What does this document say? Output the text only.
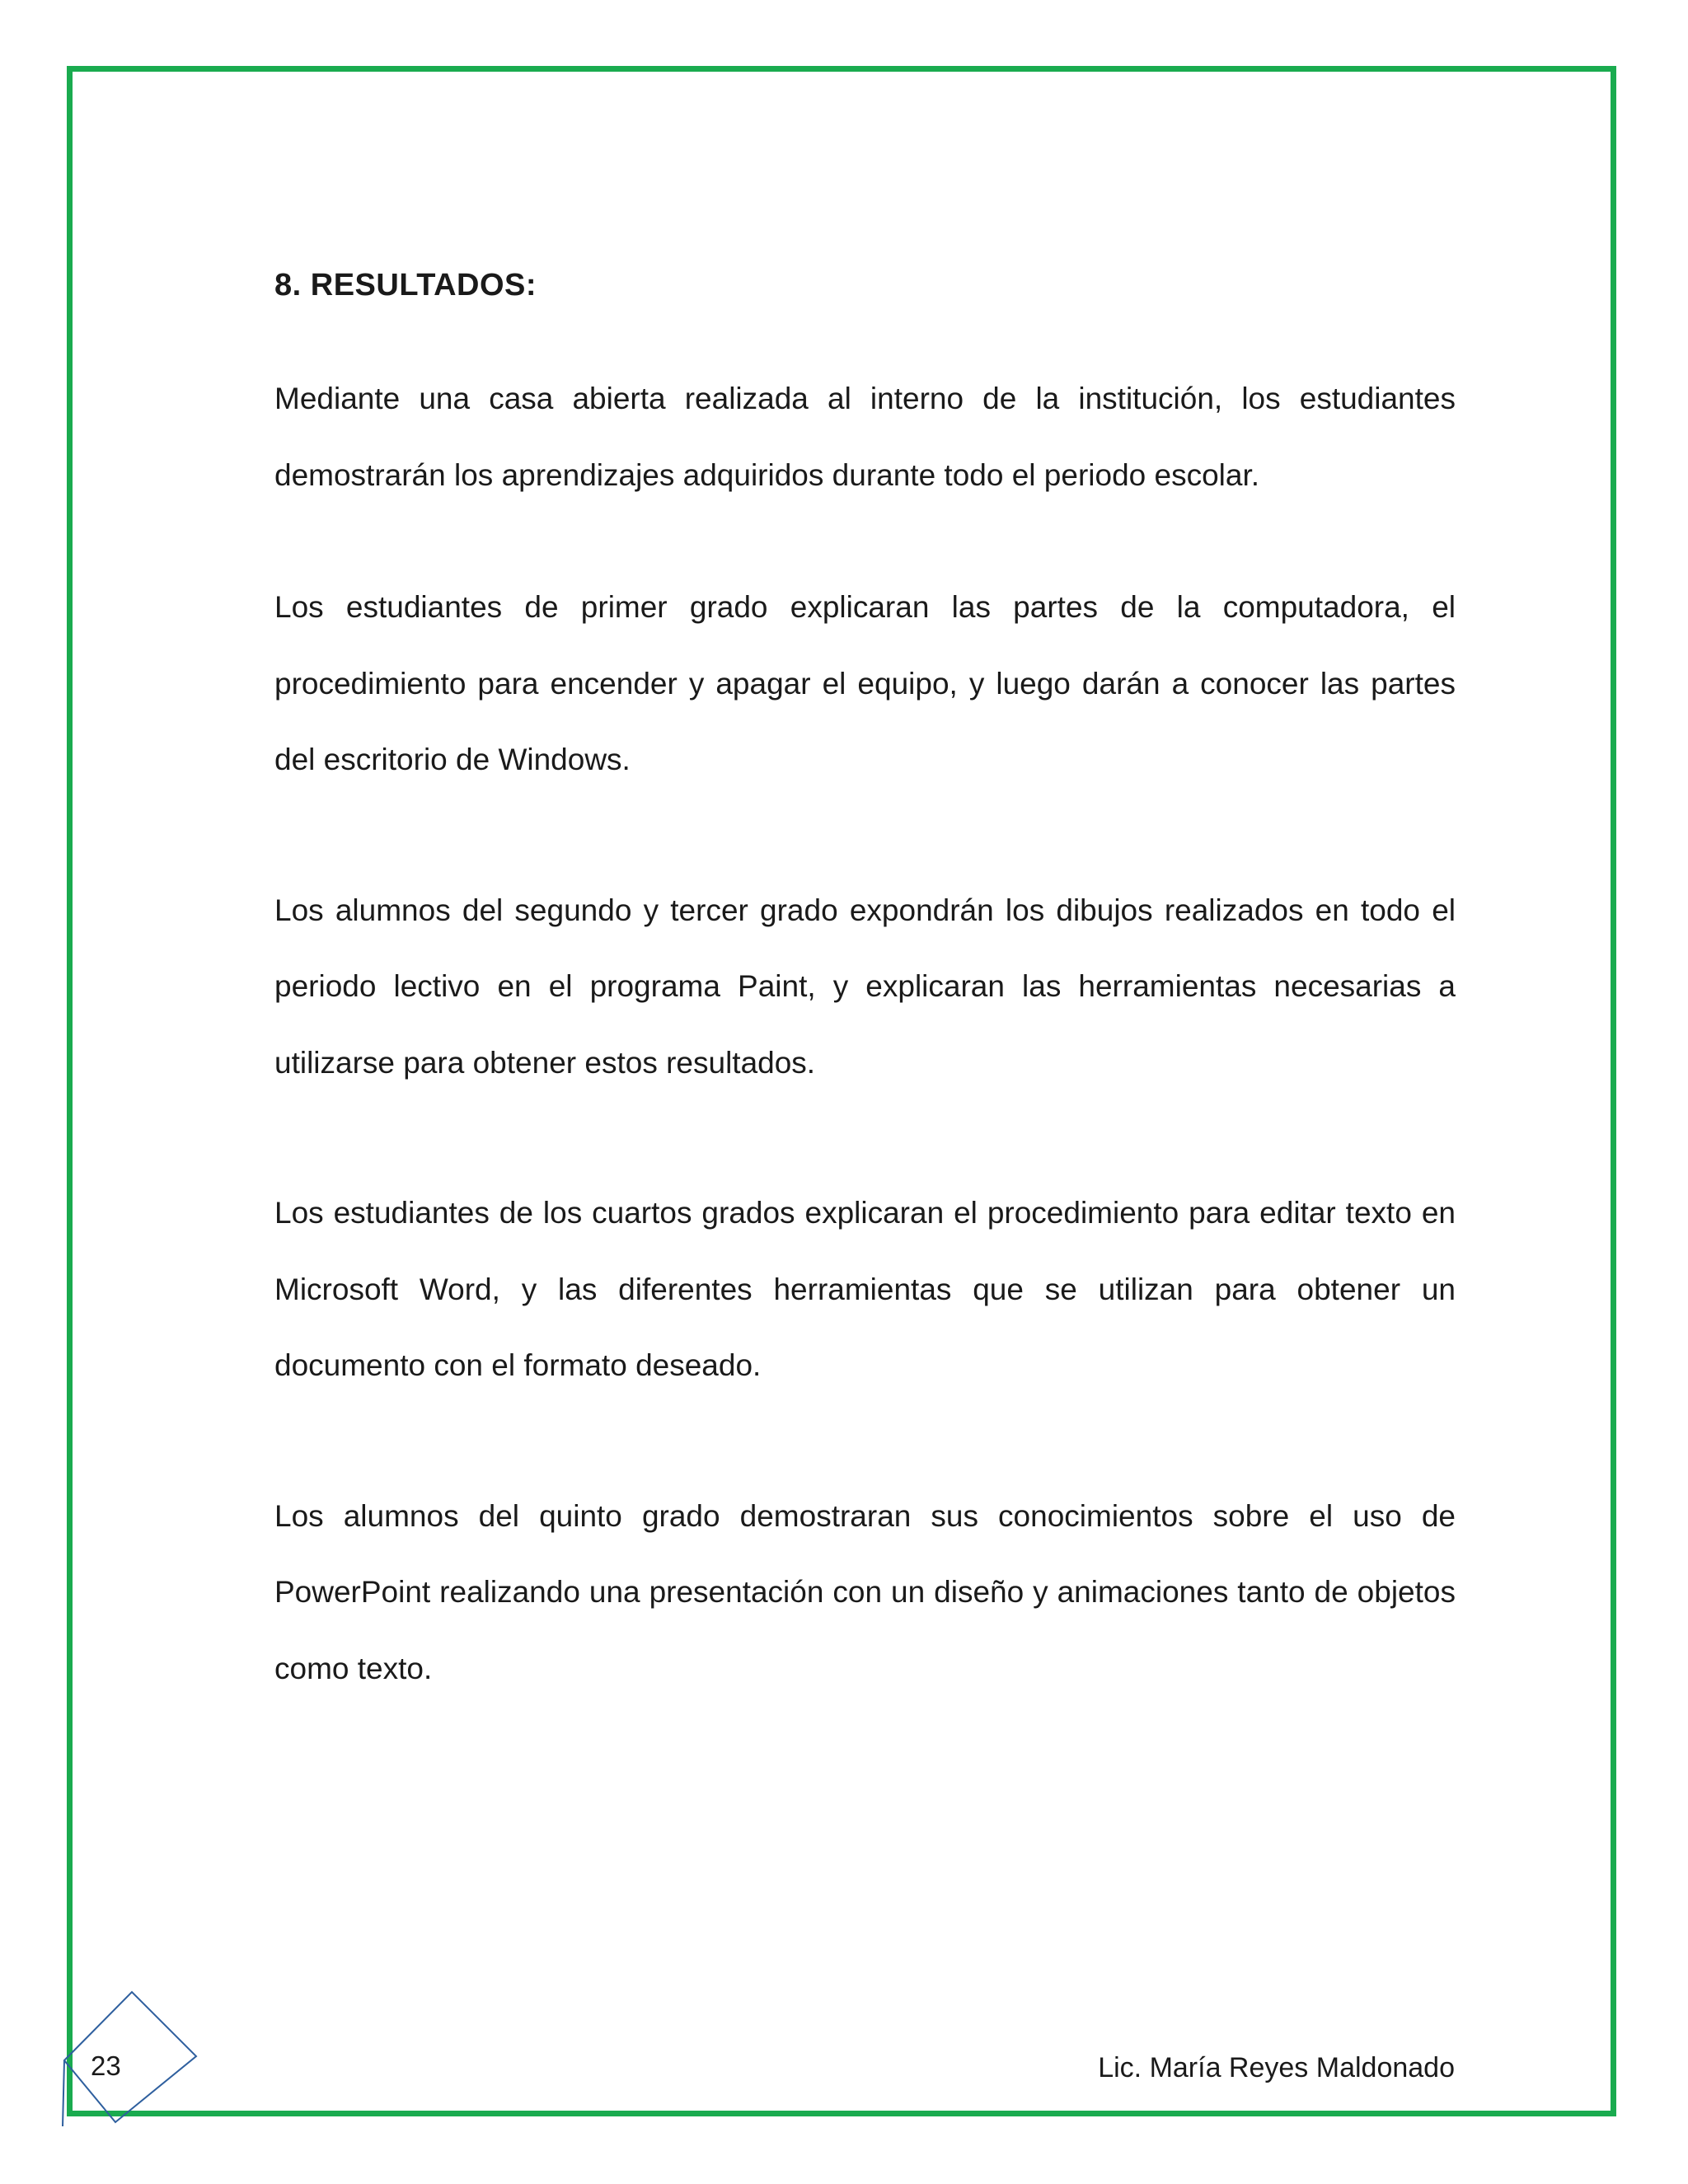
8. RESULTADOS:

Mediante una casa abierta realizada al interno de la institución, los estudiantes demostrarán los aprendizajes adquiridos durante todo el periodo escolar.

Los estudiantes de primer grado explicaran las partes de la computadora, el procedimiento para encender y apagar el equipo, y luego darán a conocer las partes del escritorio de Windows.

Los alumnos del segundo y tercer grado expondrán los dibujos realizados en todo el periodo lectivo en el programa Paint, y explicaran las herramientas necesarias a utilizarse para obtener estos resultados.

Los estudiantes de los cuartos grados explicaran el procedimiento para editar texto en Microsoft Word, y las diferentes herramientas que se utilizan para obtener un documento con el formato deseado.

Los alumnos del quinto grado demostraran sus conocimientos sobre el uso de PowerPoint realizando una presentación con un diseño y animaciones tanto de objetos como texto.

23	Lic. María Reyes Maldonado
